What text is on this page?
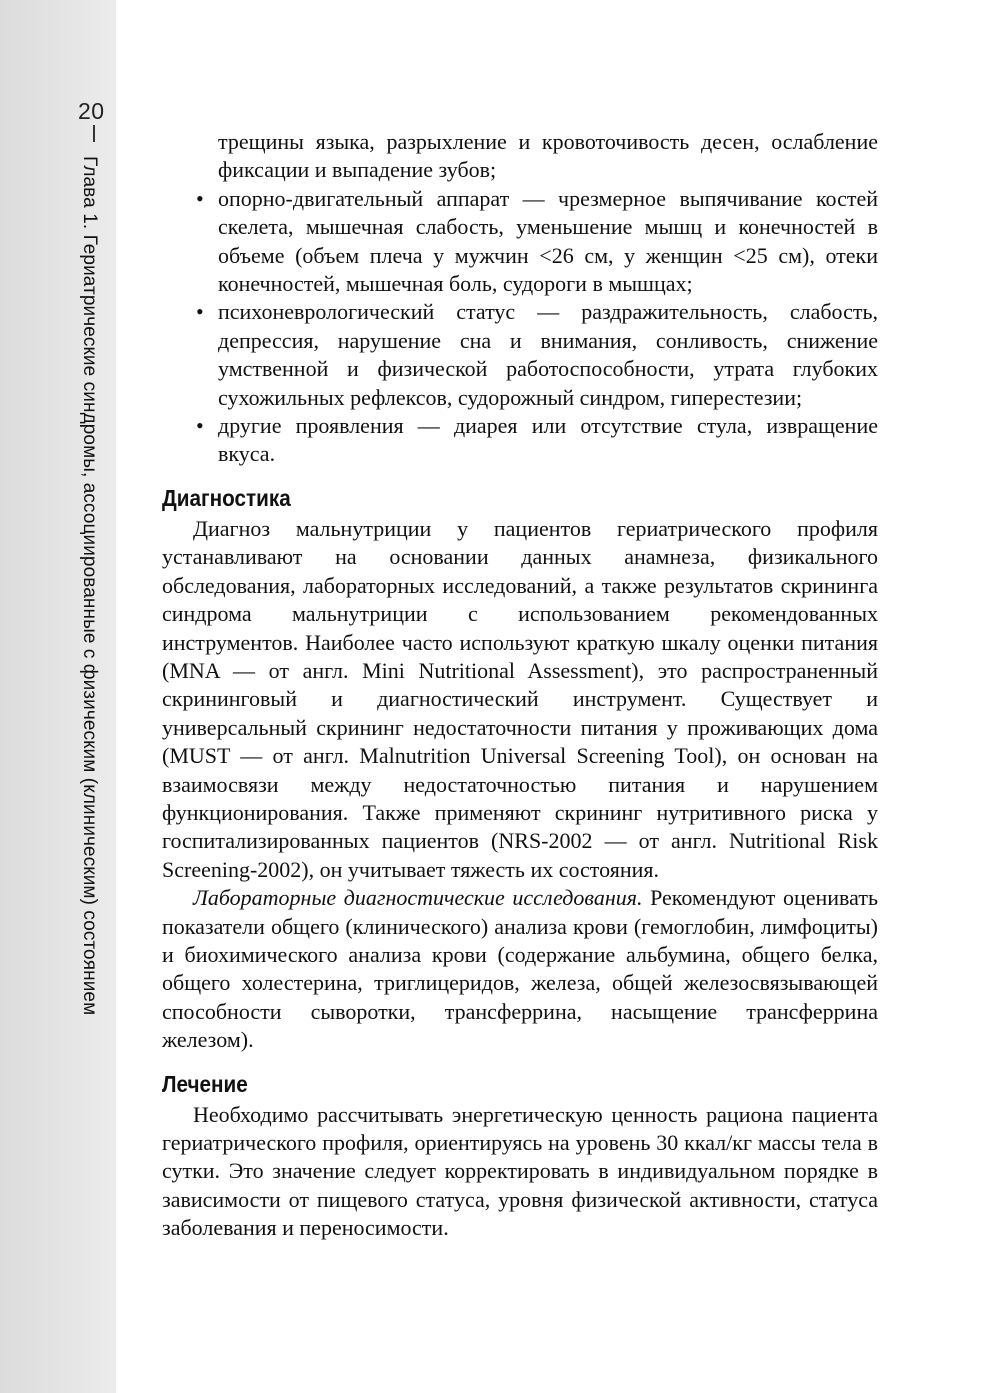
20
Глава 1. Гериатрические синдромы, ассоциированные с физическим (клиническим) состоянием

трещины языка, разрыхление и кровоточивость десен, ослабление фиксации и выпадение зубов;

• опорно-двигательный аппарат — чрезмерное выпячивание костей скелета, мышечная слабость, уменьшение мышц и конечностей в объеме (объем плеча у мужчин <26 см, у женщин <25 см), отеки конечностей, мышечная боль, судороги в мышцах;
• психоневрологический статус — раздражительность, слабость, депрессия, нарушение сна и внимания, сонливость, снижение умственной и физической работоспособности, утрата глубоких сухожильных рефлексов, судорожный синдром, гиперестезии;
• другие проявления — диарея или отсутствие стула, извращение вкуса.
Диагностика

Диагноз мальнутриции у пациентов гериатрического профиля устанавливают на основании данных анамнеза, физикального обследования, лабораторных исследований, а также результатов скрининга синдрома мальнутриции с использованием рекомендованных инструментов. Наиболее часто используют краткую шкалу оценки питания (MNA — от англ. Mini Nutritional Assessment), это распространенный скрининговый и диагностический инструмент. Существует и универсальный скрининг недостаточности питания у проживающих дома (MUST — от англ. Malnutrition Universal Screening Tool), он основан на взаимосвязи между недостаточностью питания и нарушением функционирования. Также применяют скрининг нутритивного риска у госпитализированных пациентов (NRS-2002 — от англ. Nutritional Risk Screening-2002), он учитывает тяжесть их состояния.

Лабораторные диагностические исследования. Рекомендуют оценивать показатели общего (клинического) анализа крови (гемоглобин, лимфоциты) и биохимического анализа крови (содержание альбумина, общего белка, общего холестерина, триглицеридов, железа, общей железосвязывающей способности сыворотки, трансферрина, насыщение трансферрина железом).

Лечение

Необходимо рассчитывать энергетическую ценность рациона пациента гериатрического профиля, ориентируясь на уровень 30 ккал/кг массы тела в сутки. Это значение следует корректировать в индивидуальном порядке в зависимости от пищевого статуса, уровня физической активности, статуса заболевания и переносимости.
